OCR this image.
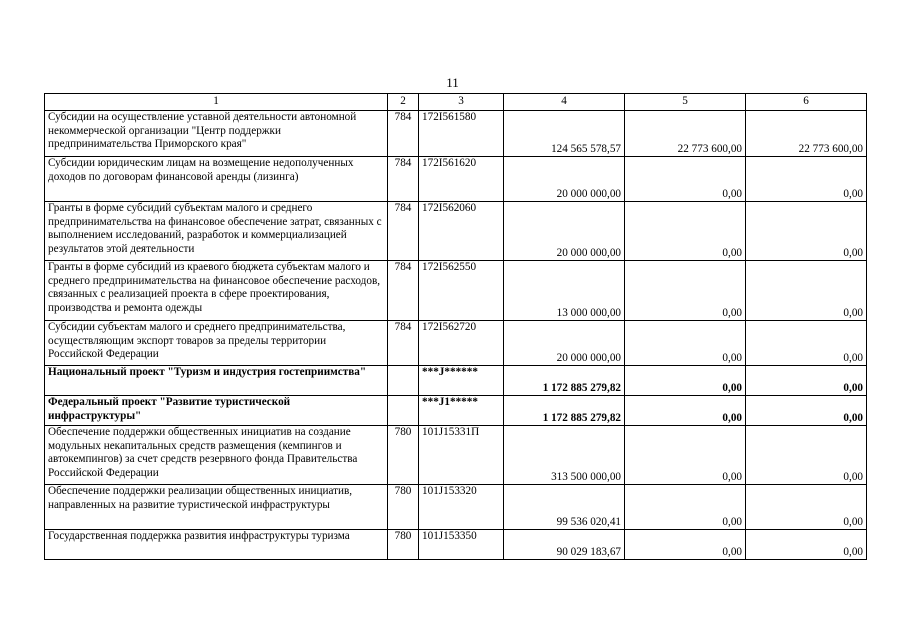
11
1	2	3	4	5	6
Субсидии на осуществление уставной деятельности автономной некоммерческой организации "Центр поддержки предпринимательства Приморского края"	784	172I561580	124 565 578,57	22 773 600,00	22 773 600,00
Субсидии юридическим лицам на возмещение недополученных доходов по договорам финансовой аренды (лизинга)	784	172I561620	20 000 000,00	0,00	0,00
Гранты в форме субсидий субъектам малого и среднего предпринимательства на финансовое обеспечение затрат, связанных с выполнением исследований, разработок и коммерциализацией результатов этой деятельности	784	172I562060	20 000 000,00	0,00	0,00
Гранты в форме субсидий из краевого бюджета субъектам малого и среднего предпринимательства на финансовое обеспечение расходов, связанных с реализацией проекта в сфере проектирования, производства и ремонта одежды	784	172I562550	13 000 000,00	0,00	0,00
Субсидии субъектам малого и среднего предпринимательства, осуществляющим экспорт товаров за пределы территории Российской Федерации	784	172I562720	20 000 000,00	0,00	0,00
Национальный проект "Туризм и индустрия гостеприимства"		***J******	1 172 885 279,82	0,00	0,00
Федеральный проект "Развитие туристической инфраструктуры"		***J1*****	1 172 885 279,82	0,00	0,00
Обеспечение поддержки общественных инициатив на создание модульных некапитальных средств размещения (кемпингов и автокемпингов) за счет средств резервного фонда Правительства Российской Федерации	780	101J15331П	313 500 000,00	0,00	0,00
Обеспечение поддержки реализации общественных инициатив, направленных на развитие туристической инфраструктуры	780	101J153320	99 536 020,41	0,00	0,00
Государственная поддержка развития инфраструктуры туризма	780	101J153350	90 029 183,67	0,00	0,00
